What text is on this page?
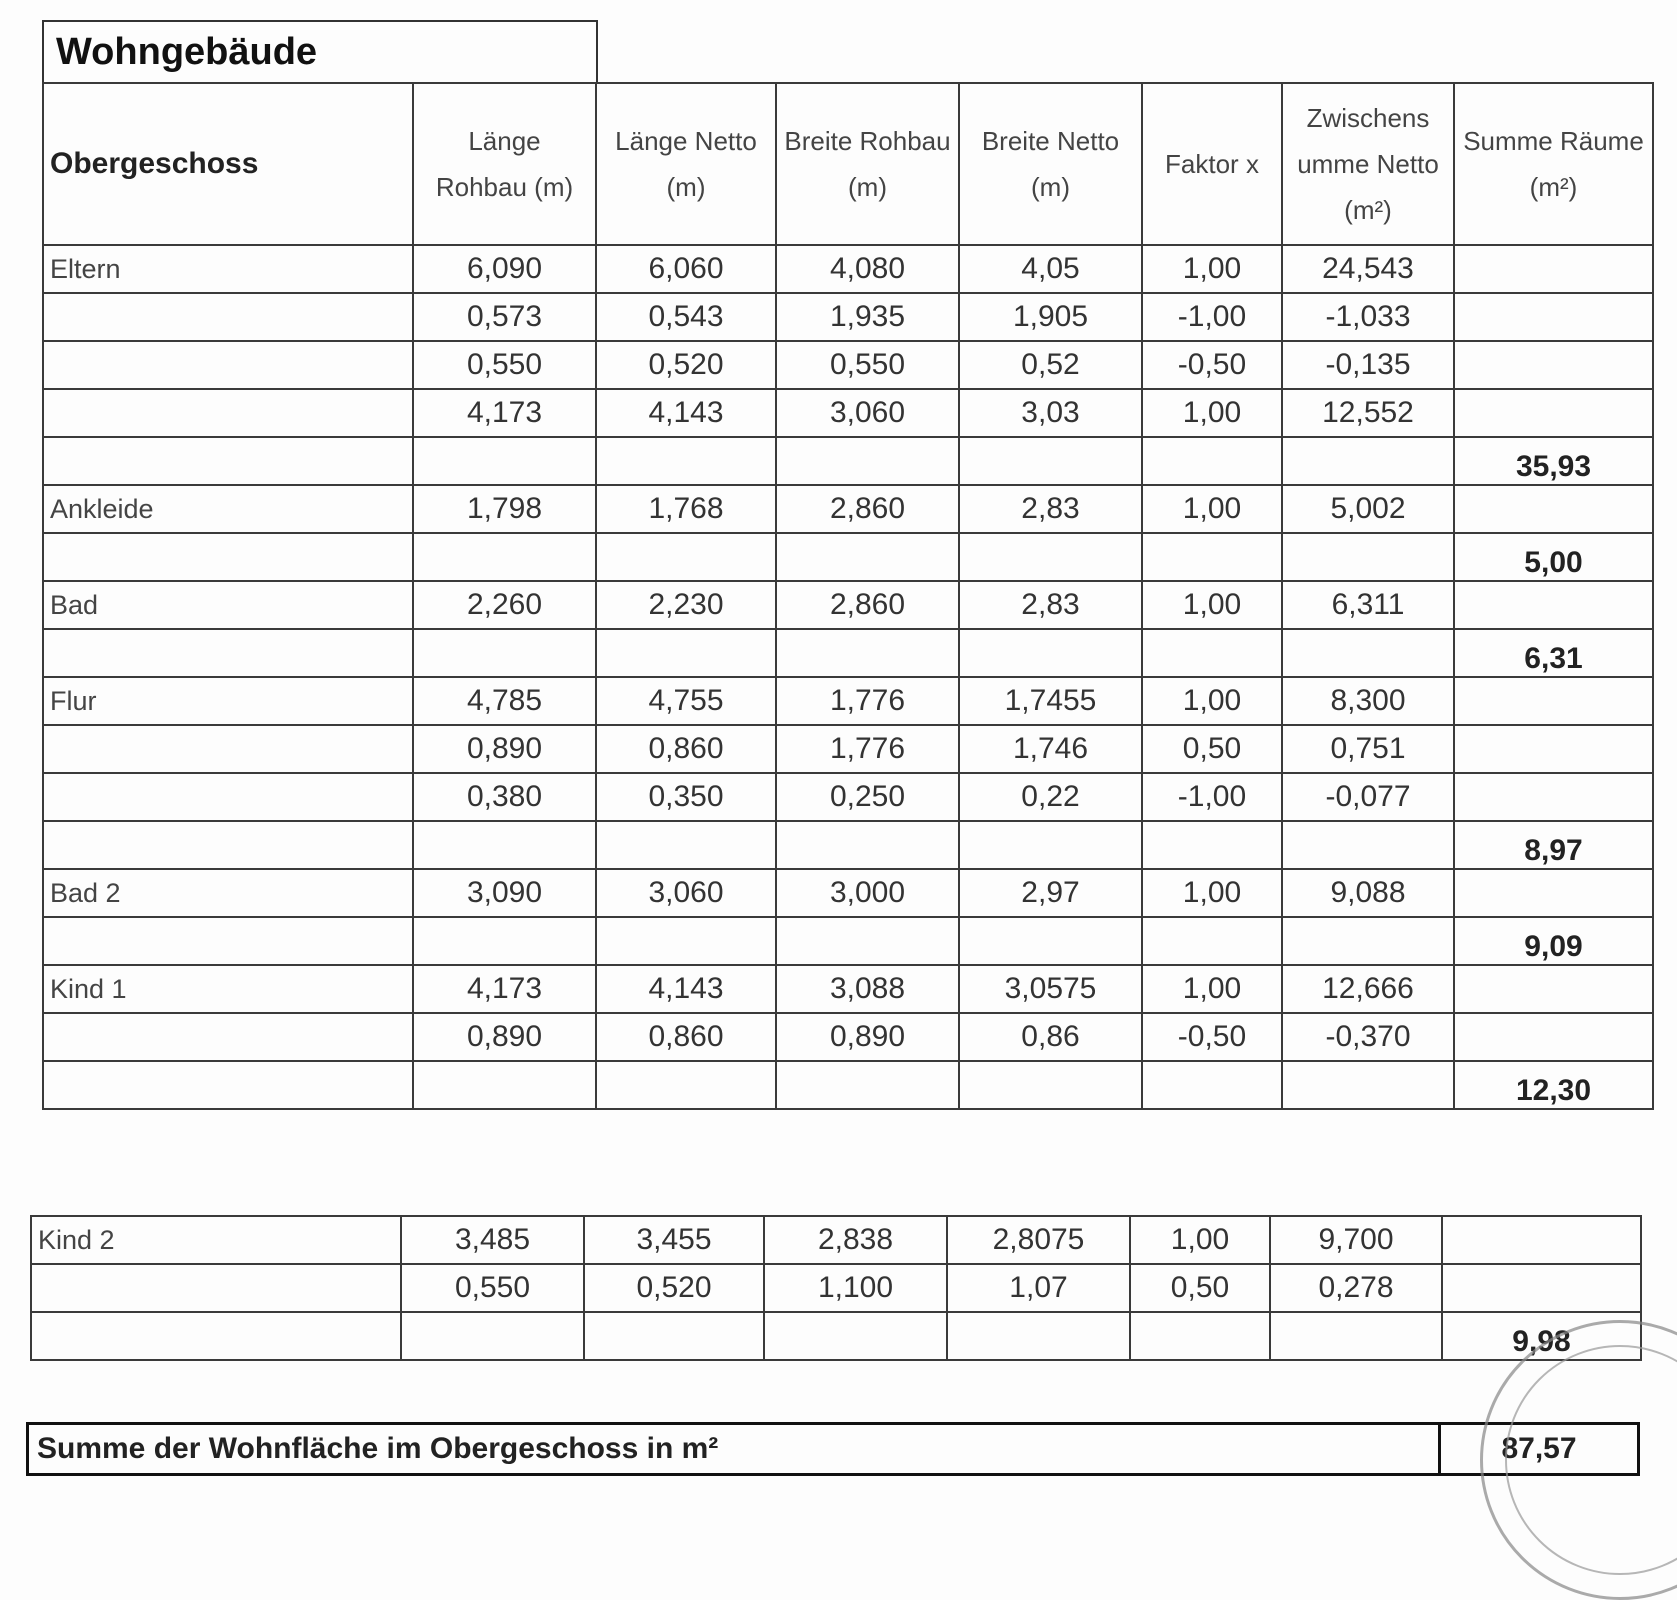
Wohngebäude
Obergeschoss	Länge Rohbau (m)	Länge Netto (m)	Breite Rohbau (m)	Breite Netto (m)	Faktor x	Zwischens umme Netto (m²)	Summe Räume (m²)
Eltern	6,090	6,060	4,080	4,05	1,00	24,543	
	0,573	0,543	1,935	1,905	-1,00	-1,033	
	0,550	0,520	0,550	0,52	-0,50	-0,135	
	4,173	4,143	3,060	3,03	1,00	12,552	
							35,93
Ankleide	1,798	1,768	2,860	2,83	1,00	5,002	
							5,00
Bad	2,260	2,230	2,860	2,83	1,00	6,311	
							6,31
Flur	4,785	4,755	1,776	1,7455	1,00	8,300	
	0,890	0,860	1,776	1,746	0,50	0,751	
	0,380	0,350	0,250	0,22	-1,00	-0,077	
							8,97
Bad 2	3,090	3,060	3,000	2,97	1,00	9,088	
							9,09
Kind 1	4,173	4,143	3,088	3,0575	1,00	12,666	
	0,890	0,860	0,890	0,86	-0,50	-0,370	
							12,30
Kind 2	3,485	3,455	2,838	2,8075	1,00	9,700	
	0,550	0,520	1,100	1,07	0,50	0,278	
							9,98
Summe der Wohnfläche im Obergeschoss in m²	87,57
